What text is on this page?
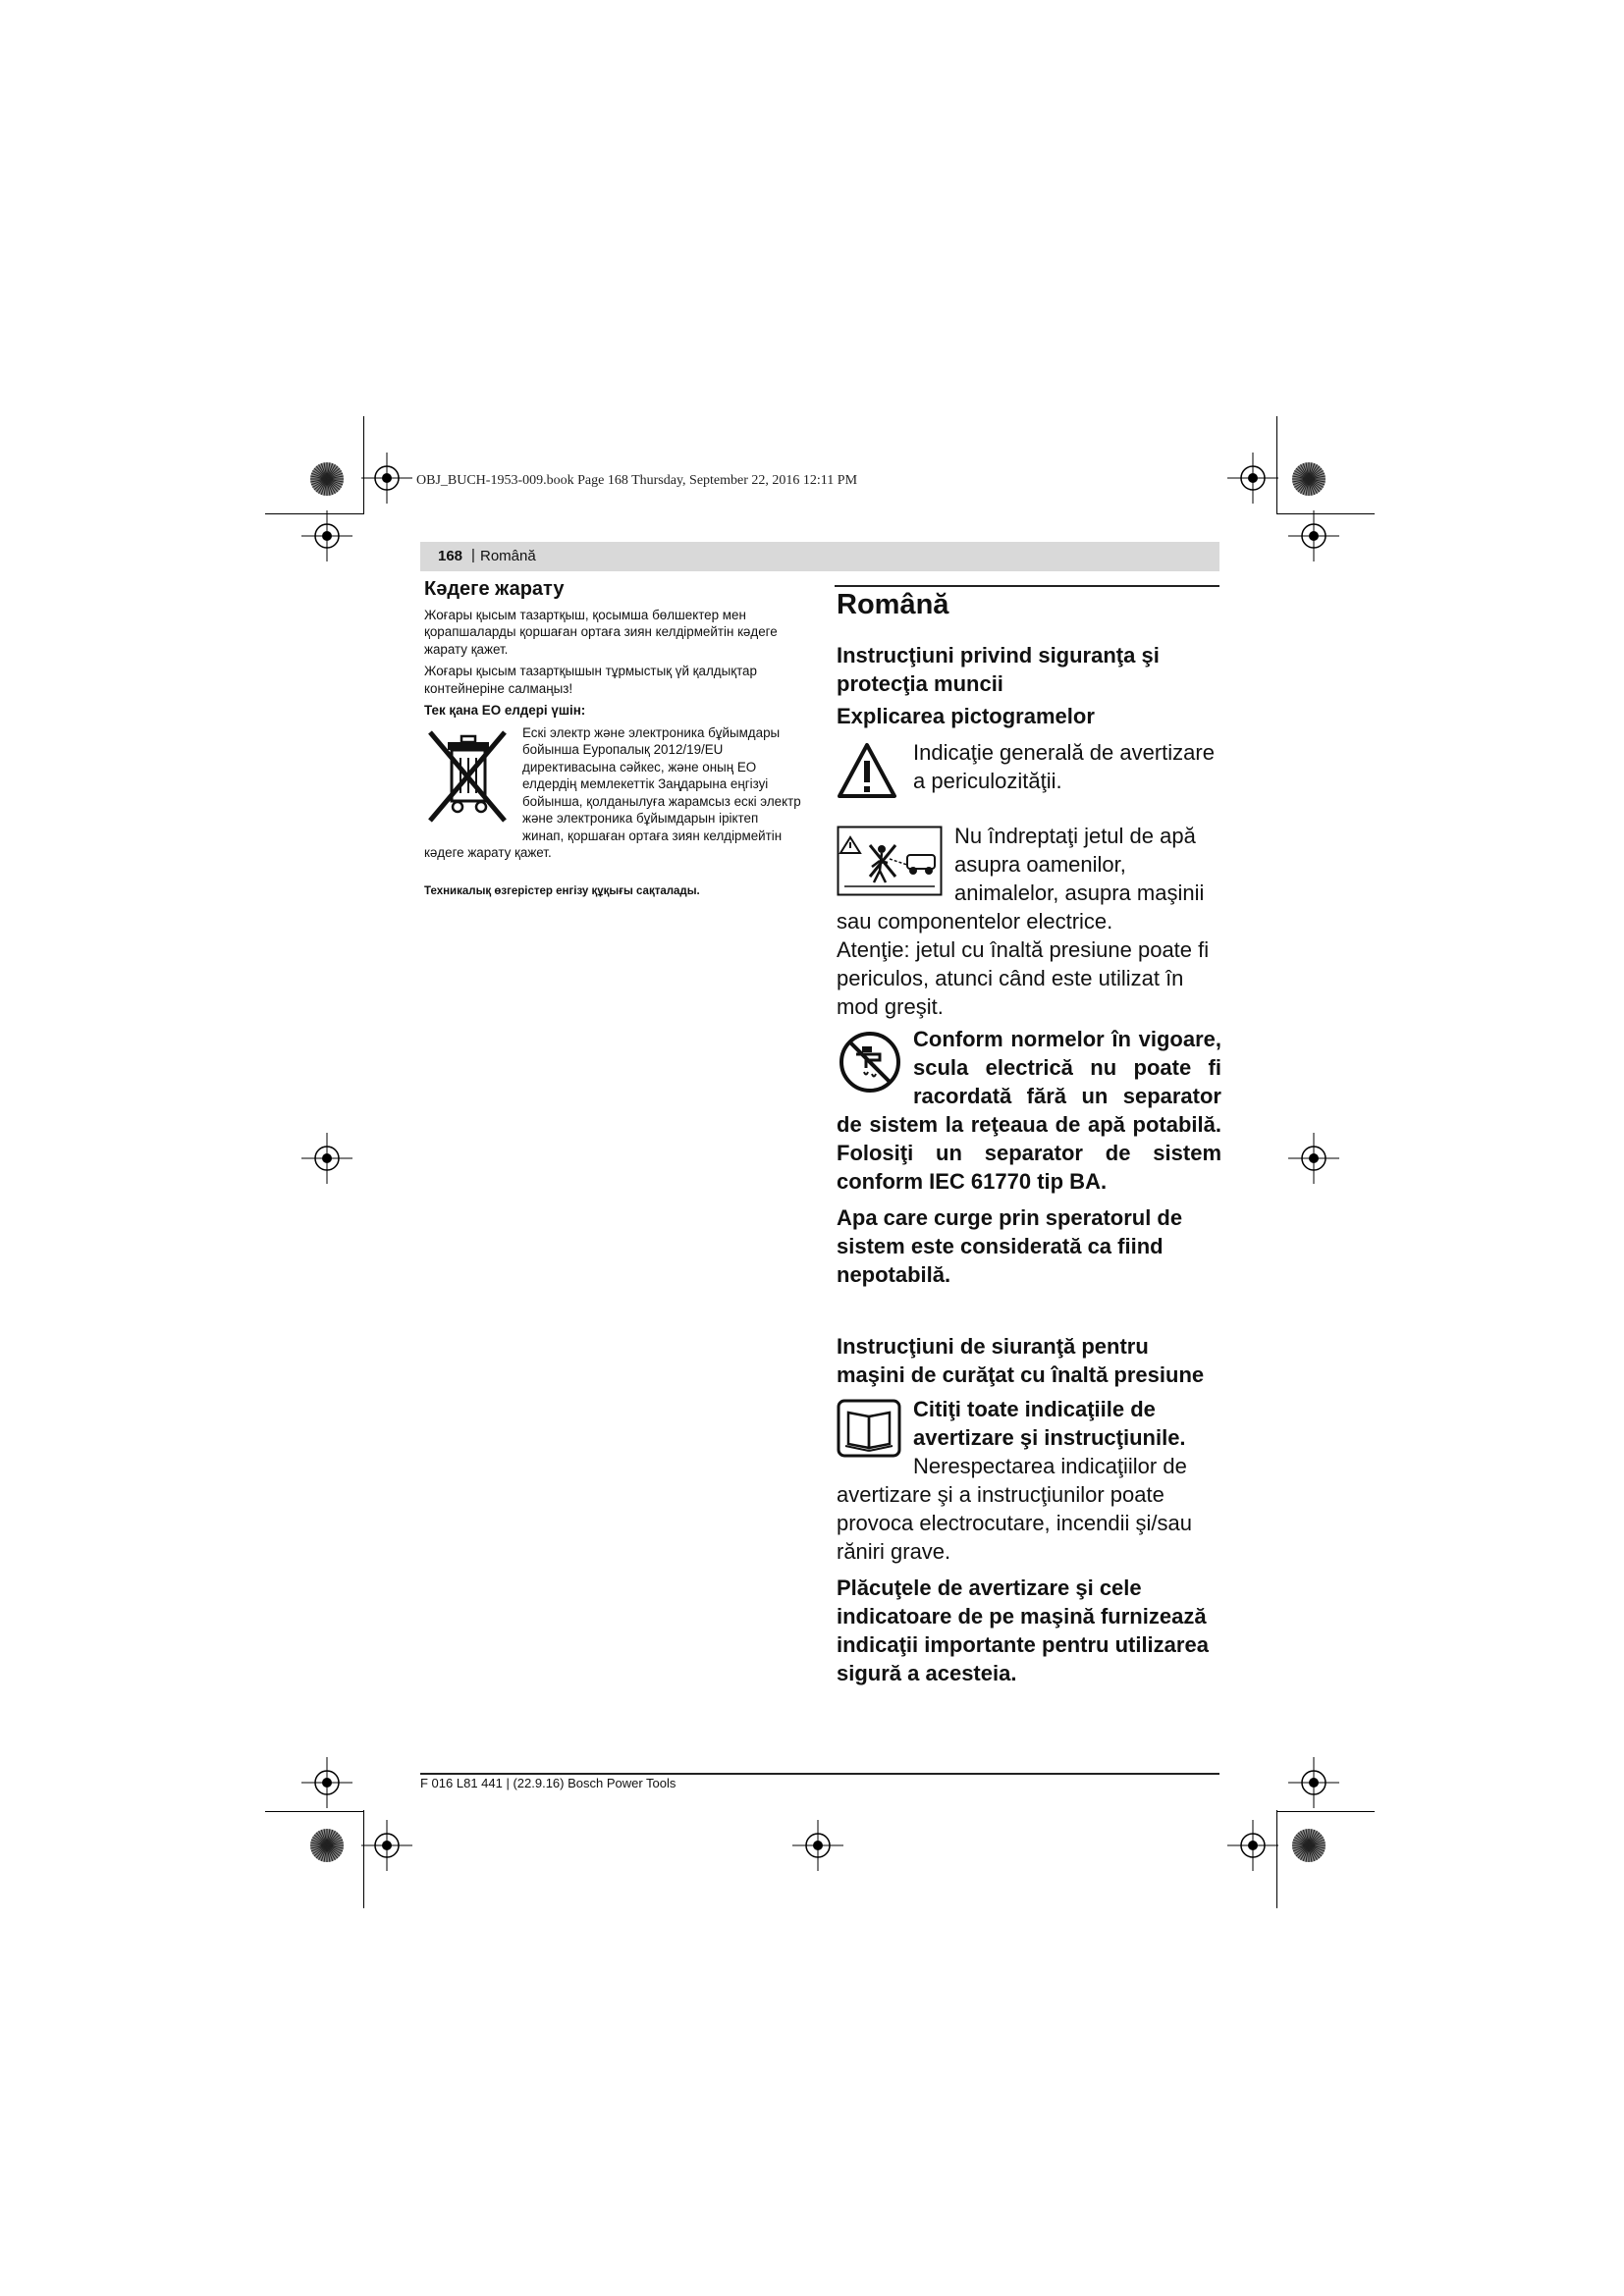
OBJ_BUCH-1953-009.book Page 168 Thursday, September 22, 2016 12:11 PM
168 | Română
Кәдеге жарату

Жоғары қысым тазартқыш, қосымша бөлшектер мен қорапшаларды қоршаған ортаға зиян келдірмейтін кәдеге жарату қажет.

Жоғары қысым тазартқышын тұрмыстық үй қалдықтар контейнеріне салмаңыз!

Тек қана ЕО елдері үшін:

Ескі электр және электроника бұйымдары бойынша Еуропалық 2012/19/EU директивасына сәйкес, және оның ЕО елдердің мемлекеттік Заңдарына еңгізуі бойынша, қолданылуға жарамсыз ескі электр және электроника бұйымдарын іріктеп жинап, қоршаған ортаға зиян келдірмейтін кәдеге жарату қажет.

Техникалық өзгерістер енгізу құқығы сақталады.

Română
Instrucţiuni privind siguranţa şi protecţia muncii
Explicarea pictogramelor

Indicaţie generală de avertizare a periculozităţii.

Nu îndreptaţi jetul de apă asupra oamenilor, animalelor, asupra maşinii sau componentelor electrice.

Atenţie: jetul cu înaltă presiune poate fi periculos, atunci când este utilizat în mod greşit.

Conform normelor în vigoare, scula electrică nu poate fi racordată fără un separator de sistem la reţeaua de apă potabilă. Folosiţi un separator de sistem conform IEC 61770 tip BA.

Apa care curge prin speratorul de sistem este considerată ca fiind nepotabilă.

Instrucţiuni de siuranţă pentru maşini de curăţat cu înaltă presiune

Citiţi toate indicaţiile de avertizare şi instrucţiunile.

Nerespectarea indicaţiilor de avertizare şi a instrucţiunilor poate provoca electrocutare, incendii şi/sau răniri grave.

Plăcuţele de avertizare şi cele indicatoare de pe maşină furnizează indicaţii importante pentru utilizarea sigură a acesteia.

F 016 L81 441 | (22.9.16) Bosch Power Tools
